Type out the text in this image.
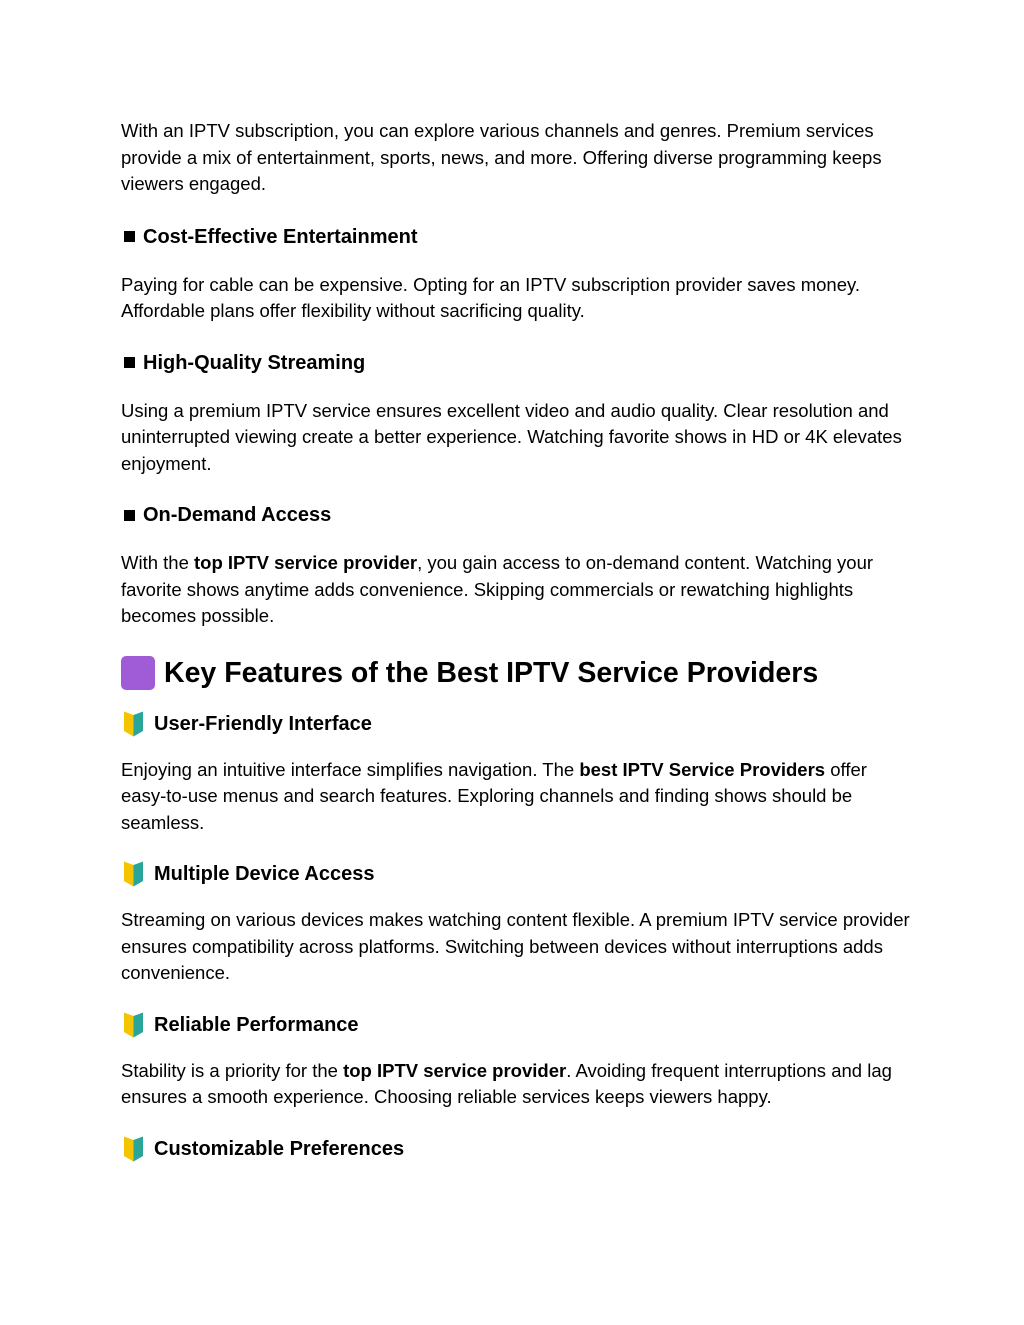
With an IPTV subscription, you can explore various channels and genres. Premium services provide a mix of entertainment, sports, news, and more. Offering diverse programming keeps viewers engaged.

Cost-Effective Entertainment

Paying for cable can be expensive. Opting for an IPTV subscription provider saves money. Affordable plans offer flexibility without sacrificing quality.

High-Quality Streaming

Using a premium IPTV service ensures excellent video and audio quality. Clear resolution and uninterrupted viewing create a better experience. Watching favorite shows in HD or 4K elevates enjoyment.

On-Demand Access

With the top IPTV service provider, you gain access to on-demand content. Watching your favorite shows anytime adds convenience. Skipping commercials or rewatching highlights becomes possible.

Key Features of the Best IPTV Service Providers
User-Friendly Interface

Enjoying an intuitive interface simplifies navigation. The best IPTV Service Providers offer easy-to-use menus and search features. Exploring channels and finding shows should be seamless.

Multiple Device Access

Streaming on various devices makes watching content flexible. A premium IPTV service provider ensures compatibility across platforms. Switching between devices without interruptions adds convenience.

Reliable Performance

Stability is a priority for the top IPTV service provider. Avoiding frequent interruptions and lag ensures a smooth experience. Choosing reliable services keeps viewers happy.

Customizable Preferences
